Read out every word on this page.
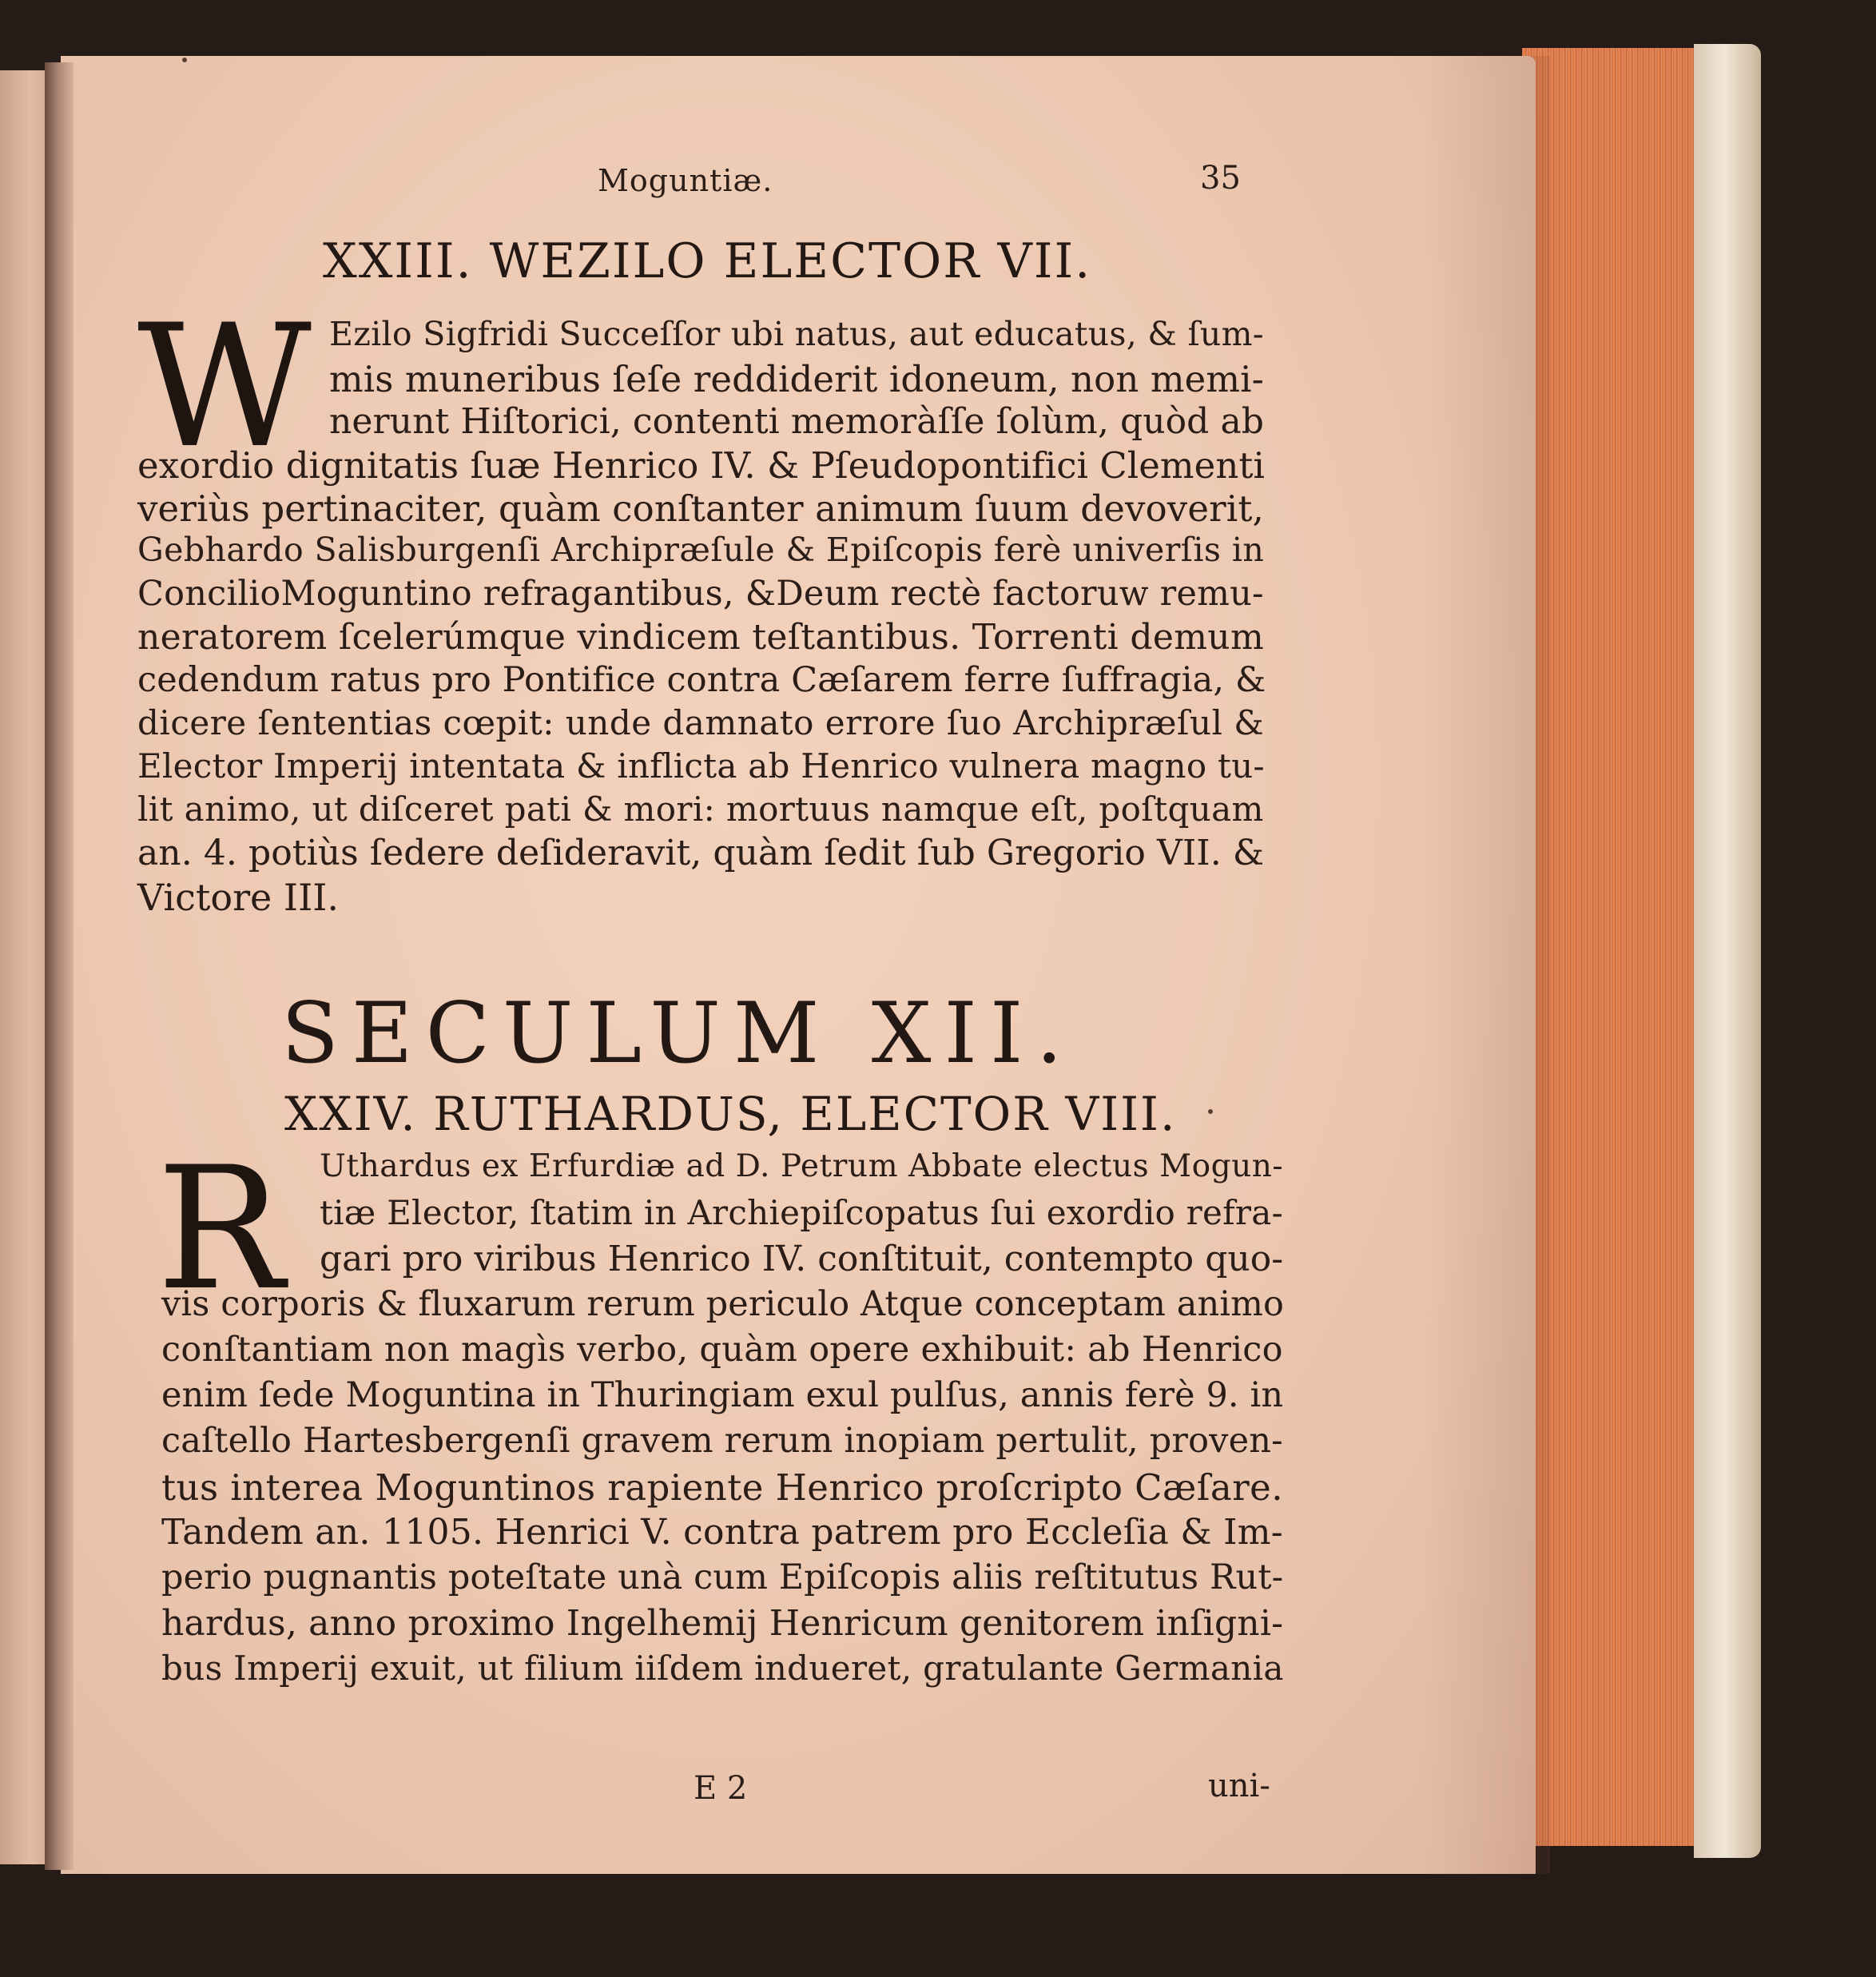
Moguntiæ.	35
XXIII. WEZILO ELECTOR VII.
W Ezilo Sigfridi Succeſſor ubi natus, aut educatus, & ſum-
mis muneribus ſeſe reddiderit idoneum, non memi-
nerunt Hiſtorici, contenti memoràſſe ſolùm, quòd ab
exordio dignitatis ſuæ Henrico IV. & Pſeudopontifici Clementi
veriùs pertinaciter, quàm conſtanter animum ſuum devoverit,
Gebhardo Salisburgenſi Archipræſule & Epiſcopis ferè univerſis in
ConcilioMoguntino refragantibus, &Deum rectè factoruw remu-
neratorem ſcelerúmque vindicem teſtantibus. Torrenti demum
cedendum ratus pro Pontifice contra Cæſarem ferre ſuffragia, &
dicere ſententias cœpit: unde damnato errore ſuo Archipræſul &
Elector Imperij intentata & inflicta ab Henrico vulnera magno tu-
lit animo, ut diſceret pati & mori: mortuus namque eſt, poſtquam
an. 4. potiùs ſedere deſideravit, quàm ſedit ſub Gregorio VII. &
Victore III.
SECULUM XII.
XXIV. RUTHARDUS, ELECTOR VIII.
R Uthardus ex Erfurdiæ ad D. Petrum Abbate electus Mogun-
tiæ Elector, ſtatim in Archiepiſcopatus ſui exordio refra-
gari pro viribus Henrico IV. conſtituit, contempto quo-
vis corporis & fluxarum rerum periculo Atque conceptam animo
conſtantiam non magìs verbo, quàm opere exhibuit: ab Henrico
enim ſede Moguntina in Thuringiam exul pulſus, annis ferè 9. in
caſtello Hartesbergenſi gravem rerum inopiam pertulit, proven-
tus interea Moguntinos rapiente Henrico proſcripto Cæſare.
Tandem an. 1105. Henrici V. contra patrem pro Eccleſia & Im-
perio pugnantis poteſtate unà cum Epiſcopis aliis reſtitutus Rut-
hardus, anno proximo Ingelhemij Henricum genitorem inſigni-
bus Imperij exuit, ut filium iiſdem indueret, gratulante Germania
E 2	uni-
